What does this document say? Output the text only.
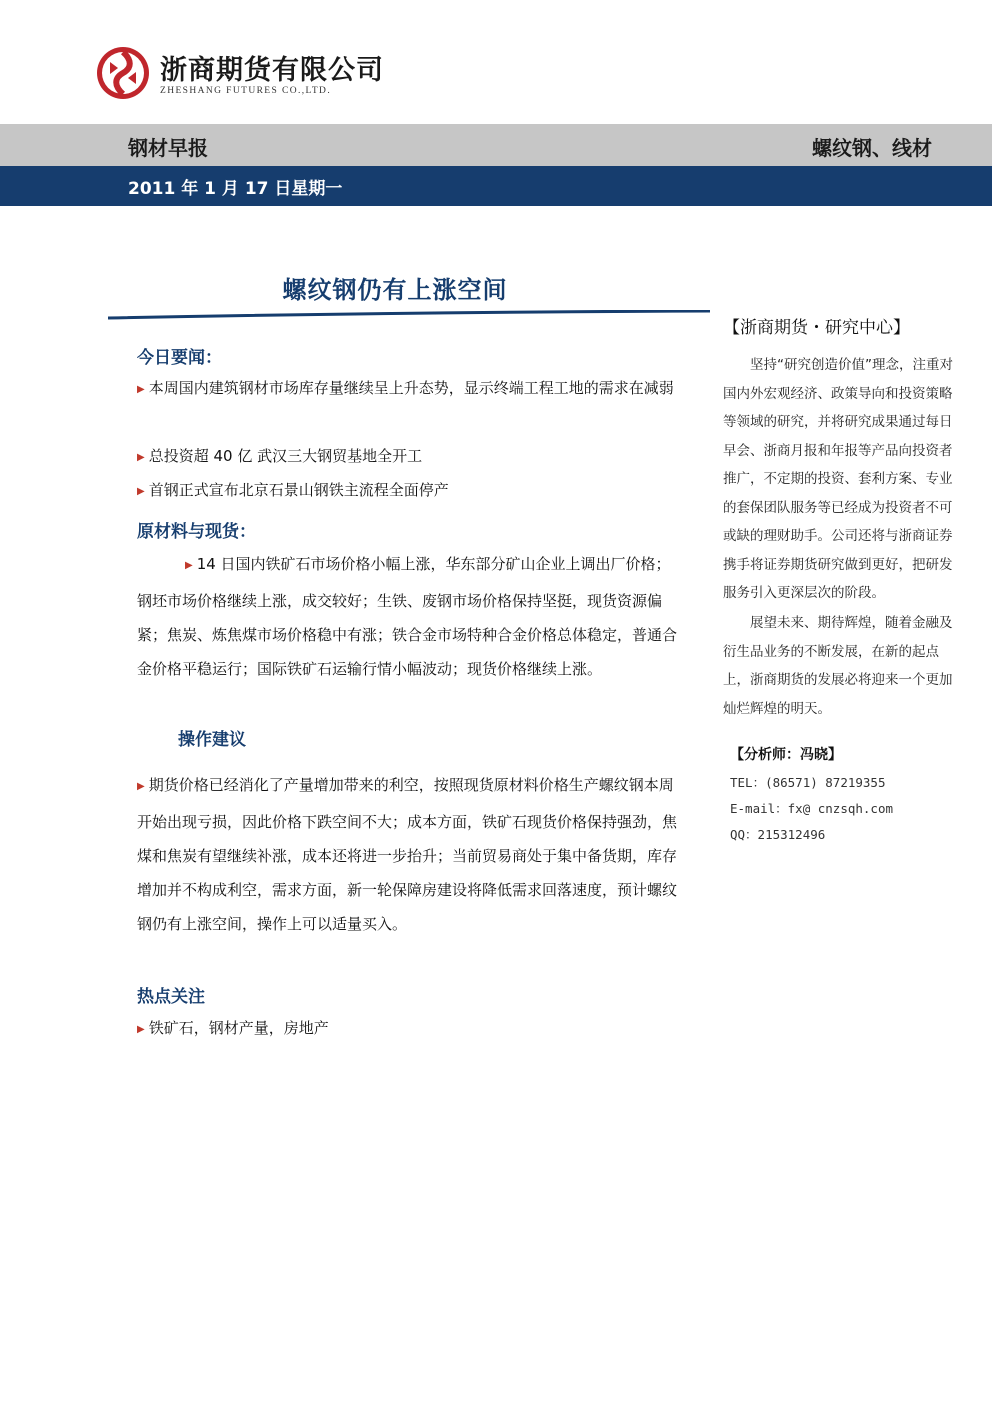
浙商期货有限公司
ZHESHANG FUTURES CO.,LTD.
钢材早报	螺纹钢、线材
2011 年 1 月 17 日星期一
螺纹钢仍有上涨空间
今日要闻：
▶ 本周国内建筑钢材市场库存量继续呈上升态势，显示终端工程工地的需求在减弱
▶ 总投资超 40 亿 武汉三大钢贸基地全开工
▶ 首钢正式宣布北京石景山钢铁主流程全面停产
原材料与现货：
▶ 14 日国内铁矿石市场价格小幅上涨，华东部分矿山企业上调出厂价格；钢坯市场价格继续上涨，成交较好；生铁、废钢市场价格保持坚挺，现货资源偏紧；焦炭、炼焦煤市场价格稳中有涨；铁合金市场特种合金价格总体稳定，普通合金价格平稳运行；国际铁矿石运输行情小幅波动；现货价格继续上涨。
操作建议
▶ 期货价格已经消化了产量增加带来的利空，按照现货原材料价格生产螺纹钢本周开始出现亏损，因此价格下跌空间不大；成本方面，铁矿石现货价格保持强劲，焦煤和焦炭有望继续补涨，成本还将进一步抬升；当前贸易商处于集中备货期，库存增加并不构成利空，需求方面，新一轮保障房建设将降低需求回落速度，预计螺纹钢仍有上涨空间，操作上可以适量买入。
热点关注
▶ 铁矿石，钢材产量，房地产
【浙商期货・研究中心】
坚持“研究创造价值”理念，注重对国内外宏观经济、政策导向和投资策略等领域的研究，并将研究成果通过每日早会、浙商月报和年报等产品向投资者推广，不定期的投资、套利方案、专业的套保团队服务等已经成为投资者不可或缺的理财助手。公司还将与浙商证券携手将证券期货研究做到更好，把研发服务引入更深层次的阶段。
展望未来、期待辉煌，随着金融及衍生品业务的不断发展，在新的起点上，浙商期货的发展必将迎来一个更加灿烂辉煌的明天。
【分析师：冯晓】
TEL：(86571) 87219355
E-mail：fx@ cnzsqh.com
QQ：215312496
